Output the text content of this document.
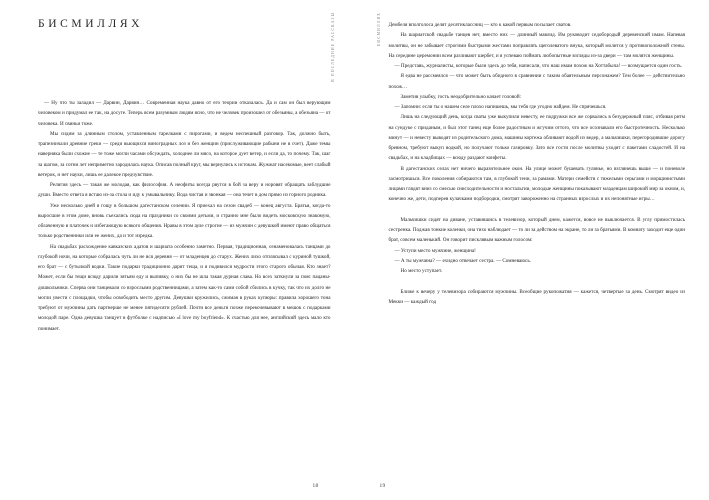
БИСМИЛЛЯХ	В ПОСЛЕДНИЕ РАССКАЗЫ

— Ну что ты заладил — Дарвин, Дарвин… Современная наука давно от его теории отказалась. Да и сам он был верующим человеком и придумал ее так, на досуге. Теперь всем разумным людям ясно, что не человек произошел от обезьяны, а обезьяна — от человека. И свиньи тоже.

Мы сидим за длинным столом, уставленным тарелками с пирогами, и ведем неспешный разговор. Так, должно быть, трапезничали древние греки — среди вьющихся виноградных лоз и без женщин (прислуживающие рабыни не в счет). Даже темы наверняка были схожие — те тоже могли часами обсуждать, холоднее ли мясо, на которое дует ветер, и если да, то почему. Так, шаг за шагом, за сотни лет неприметно зародилась наука. Описав полный круг, мы вернулись к истокам. Жужжат насекомые, веет слабый ветерок, и нет науки, лишь ее далекое предчувствие.

Религия здесь — такая же молодая, как философия. А неофиты всегда рвутся в бой за веру и норовят обращать заблудшие души. Вместо ответа я встаю из-за стола и иду к умывальнику. Вода чистая и звонкая — она течет в дом прямо из горного родника.

Уже несколько дней я гощу в большом дагестанском селении. Я приехал на сезон свадеб — конец августа. Братья, когда-то выросшие в этом доме, вновь съехались сюда на праздники со своими детьми, и странно мне было видеть московскую знакомую, облаченную в платочек и избегающую всякого общения. Нравы в этом ауле строгие — из мужчин с девушкой имеют право общаться только родственники или ее жених, да и тот изредка.

На свадьбах расхождение кавказских адатов и шариата особенно заметно. Первая, традиционная, ознаменовалась танцами до глубокой ночи, на которые собралась чуть ли не вся деревня — от младенцев до старух. Жених лихо отплясывал с куриной тушкой, его брат — с бутылкой водки. Такие подарки традиционно дарит теща, и я подивился мудрости этого старого обычая. Кто знает? Может, если бы тещи всюду дарили зятьям еду и выпивку, о них бы не шла такая дурная слава. Но всех заткнули за пояс пацаны-дошкольники. Сперва они танцевали со взрослыми родственницами, а затем как-то сами собой сбились в кучку, так что их долго не могли увести с площадки, чтобы освободить место другим. Девушки кружились, сжимая в руках купюры: правила хорошего тона требуют от мужчины дать партнерше не менее пятидесяти рублей. Почти все деньги позже перекочевывают в мешок с подарками молодой паре. Одна девушка танцует в футболке с надписью «I love my boyfriend». К счастью для нее, английский здесь мало кто понимает.

18
БИСМИЛЛЯХ Дембеля вполголоса делят десятиклассниц — кто к какой первым посылает сватов.

На шариатской свадьбе танцев нет, вместо них — длинный мавлид. Им руководит седобородый деревенский имам. Напевая молитвы, он не забывает строгими быстрыми жестами поправлять щеголеватого внука, который молится у противоположной стены. На середине церемонии всем разливают шербет, и я успеваю поймать любопытные взгляды из-за двери — там молятся женщины.

— Представь, журналисты, которые были здесь до тебя, написали, что наш имам похож на Хоттабыча! — возмущается один гость.

Я едва не рассмеялся — что может быть обидного в сравнении с таким обаятельным персонажем? Тем более — действительно похож…

Заметив улыбку, гость неодобрительно качает головой:

— Запомни: если ты о нашем селе плохо напишешь, мы тебя где угодно найдем. Не спрячешься.

Лишь на следующий день, когда сваты уже выкупили невесту, ее подружки все же сорвались в безудержный пляс, отбивая ритм на сундуке с приданым, и был этот танец еще более радостным и жгучим оттого, что все осознавали его быстротечность. Несколько минут — и невесту выводят из родительского дома, машины кортежа обливают водой из ведер, а мальчишки, перегородившие дорогу бревном, требуют выкуп водкой, но получают только газировку. Зато все гости после молитвы уходят с пакетами сладостей. И на свадьбах, и на кладбищах — всюду раздают конфеты.

В дагестанских селах нет ничего выразительнее окон. На улице может бушевать гулянье, но взглянешь выше — и поневоле засмотришься. Все поколения собираются там, в глубокой тени, за рамами. Матери семейств с тяжелыми серьгами и морщинистыми лицами глядят вниз со смесью снисходительности и ностальгии, молодые женщины показывают младенцам широкий мир за окном, и, конечно же, дети, подперев кулачками подбородки, смотрят завороженно на странных взрослых и их непонятные игры…

Мальчишки сидят на диване, уставившись в телевизор, который днем, кажется, вовсе не выключается. В углу примостилась сестренка. Поджав тонкие коленки, она тихо наблюдает — то ли за действом на экране, то ли за братьями. В комнату заходит еще один брат, совсем маленький. Он говорит писклявым важным голосом:

— Уступи место мужчине, женщина!

— А ты мужчина? — ехидно отвечает сестра. — Сомневаюсь.

Но место уступает.

Ближе к вечеру у телевизора собираются мужчины. Всеобщие рукопожатия — кажется, четвертые за день. Смотрят видео из Мекки — каждый год

19
